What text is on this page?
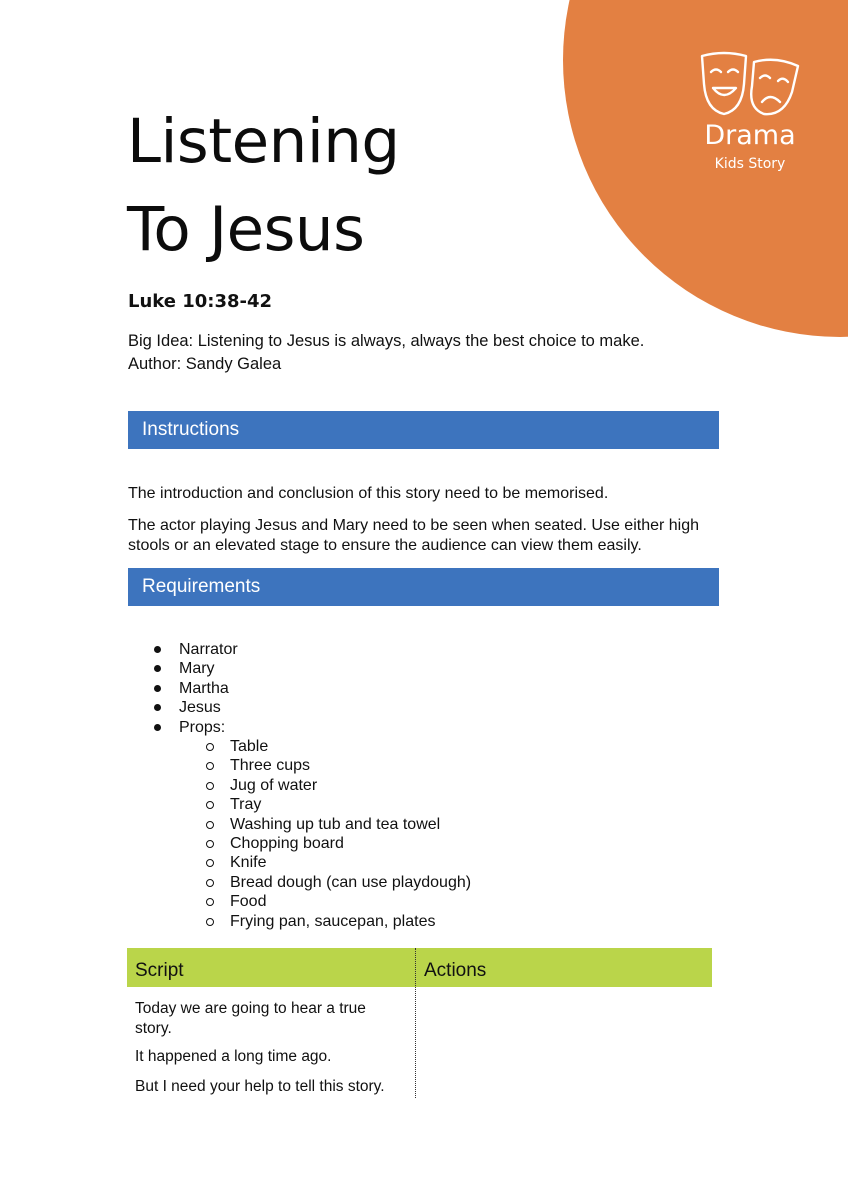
Drama
Kids Story
Listening
To Jesus
Luke 10:38-42
Big Idea: Listening to Jesus is always, always the best choice to make.
Author: Sandy Galea
Instructions

The introduction and conclusion of this story need to be memorised.

The actor playing Jesus and Mary need to be seen when seated. Use either high stools or an elevated stage to ensure the audience can view them easily.

Requirements
Narrator
Mary
Martha
Jesus
Props:
Table
Three cups
Jug of water
Tray
Washing up tub and tea towel
Chopping board
Knife
Bread dough (can use playdough)
Food
Frying pan, saucepan, plates
Script	Actions

Today we are going to hear a true story.

It happened a long time ago.

But I need your help to tell this story.
